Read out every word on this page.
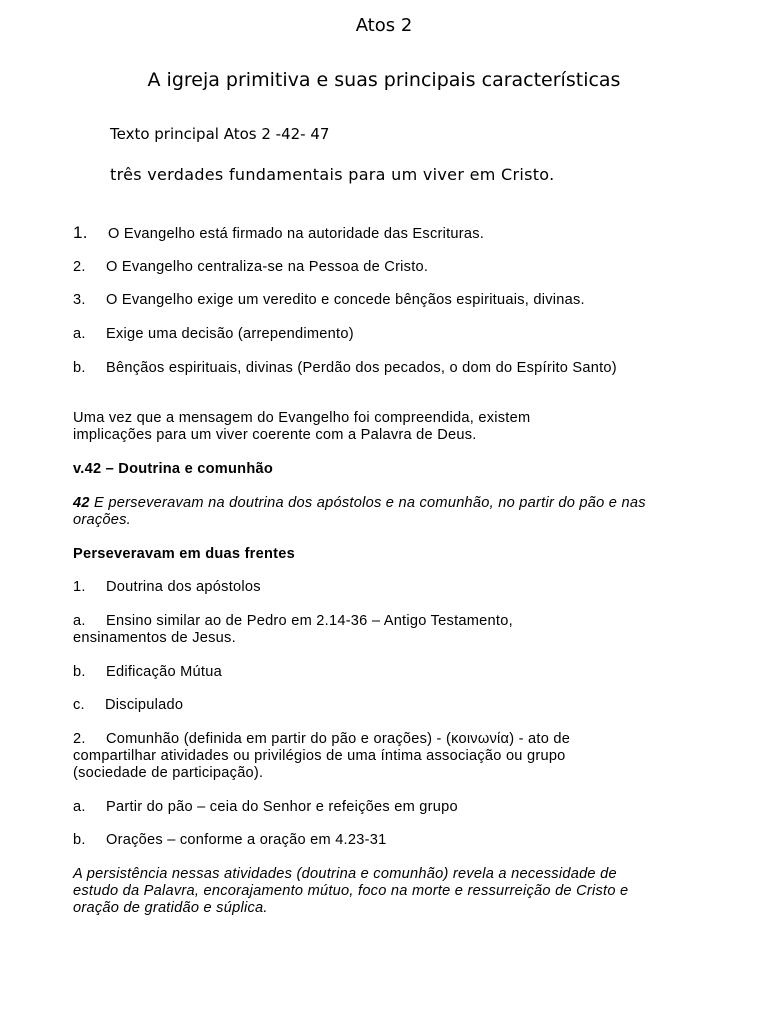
Atos 2
A igreja primitiva e suas principais características
Texto principal Atos 2 -42- 47
três verdades fundamentais para um viver em Cristo.

1. O Evangelho está firmado na autoridade das Escrituras.

2. O Evangelho centraliza-se na Pessoa de Cristo.

3. O Evangelho exige um veredito e concede bênçãos espirituais, divinas.

a. Exige uma decisão (arrependimento)

b. Bênçãos espirituais, divinas (Perdão dos pecados, o dom do Espírito Santo)

Uma vez que a mensagem do Evangelho foi compreendida, existem implicações para um viver coerente com a Palavra de Deus.

v.42 – Doutrina e comunhão

42 E perseveravam na doutrina dos apóstolos e na comunhão, no partir do pão e nas orações.

Perseveravam em duas frentes

1. Doutrina dos apóstolos

a. Ensino similar ao de Pedro em 2.14-36 – Antigo Testamento, ensinamentos de Jesus.

b. Edificação Mútua

c. Discipulado

2. Comunhão (definida em partir do pão e orações) - (κοινωνία) - ato de compartilhar atividades ou privilégios de uma íntima associação ou grupo (sociedade de participação).

a. Partir do pão – ceia do Senhor e refeições em grupo

b. Orações – conforme a oração em 4.23-31

A persistência nessas atividades (doutrina e comunhão) revela a necessidade de estudo da Palavra, encorajamento mútuo, foco na morte e ressurreição de Cristo e oração de gratidão e súplica.
